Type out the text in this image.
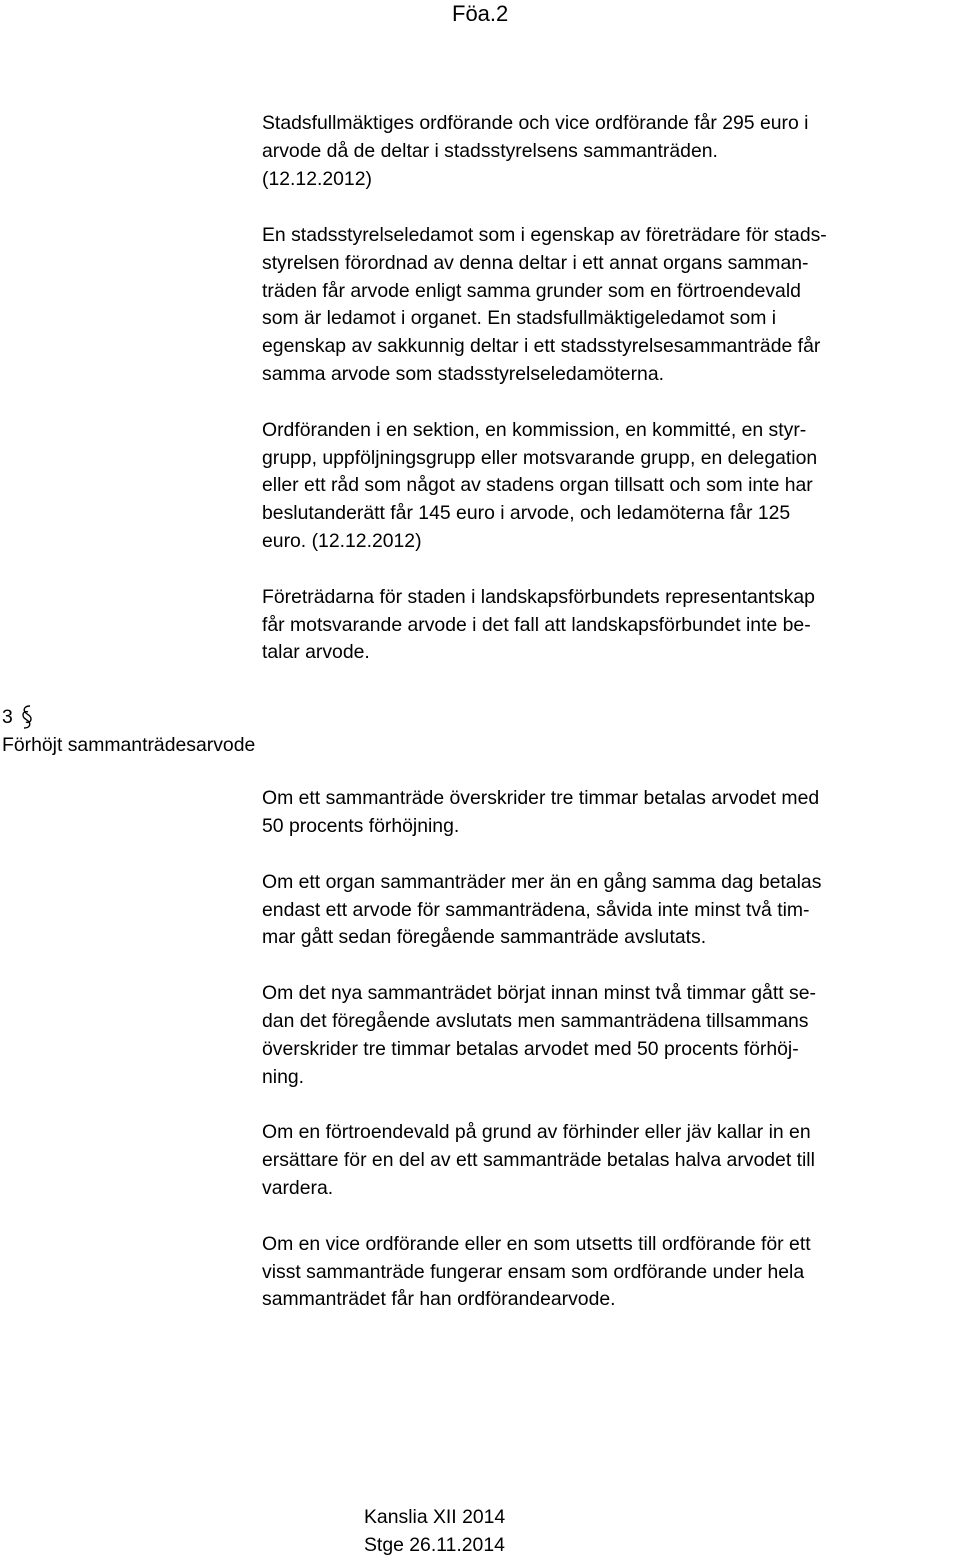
Föa.2
3
Förhöjt sammanträdesarvode

Stadsfullmäktiges ordförande och vice ordförande får 295 euro i
arvode då de deltar i stadsstyrelsens sammanträden.
(12.12.2012)

En stadsstyrelseledamot som i egenskap av företrädare för stads-
styrelsen förordnad av denna deltar i ett annat organs samman-
träden får arvode enligt samma grunder som en förtroendevald
som är ledamot i organet. En stadsfullmäktigeledamot som i
egenskap av sakkunnig deltar i ett stadsstyrelsesammanträde får
samma arvode som stadsstyrelseledamöterna.

Ordföranden i en sektion, en kommission, en kommitté, en styr-
grupp, uppföljningsgrupp eller motsvarande grupp, en delegation
eller ett råd som något av stadens organ tillsatt och som inte har
beslutanderätt får 145 euro i arvode, och ledamöterna får 125
euro. (12.12.2012)

Företrädarna för staden i landskapsförbundets representantskap
får motsvarande arvode i det fall att landskapsförbundet inte be-
talar arvode.

Om ett sammanträde överskrider tre timmar betalas arvodet med
50 procents förhöjning.

Om ett organ sammanträder mer än en gång samma dag betalas
endast ett arvode för sammanträdena, såvida inte minst två tim-
mar gått sedan föregående sammanträde avslutats.

Om det nya sammanträdet börjat innan minst två timmar gått se-
dan det föregående avslutats men sammanträdena tillsammans
överskrider tre timmar betalas arvodet med 50 procents förhöj-
ning.

Om en förtroendevald på grund av förhinder eller jäv kallar in en
ersättare för en del av ett sammanträde betalas halva arvodet till
vardera.

Om en vice ordförande eller en som utsetts till ordförande för ett
visst sammanträde fungerar ensam som ordförande under hela
sammanträdet får han ordförandearvode.

Kanslia XII 2014
Stge 26.11.2014
